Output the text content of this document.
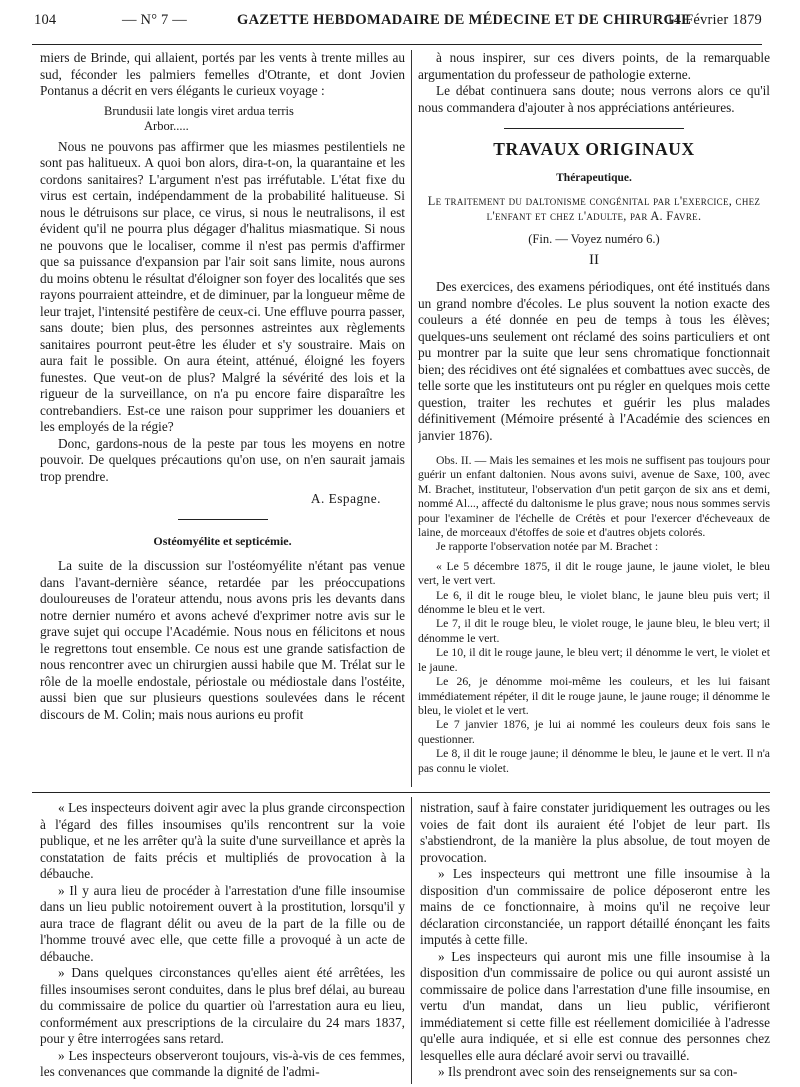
104	— N° 7 —	GAZETTE HEBDOMADAIRE DE MÉDECINE ET DE CHIRURGIE
14 Février 1879

miers de Brinde, qui allaient, portés par les vents à trente milles au sud, féconder les palmiers femelles d'Otrante, et dont Jovien Pontanus a décrit en vers élégants le curieux voyage :

Brundusii late longis viret ardua terris
Arbor.....

Nous ne pouvons pas affirmer que les miasmes pestilentiels ne sont pas halitueux. A quoi bon alors, dira-t-on, la quarantaine et les cordons sanitaires? L'argument n'est pas irréfutable. L'état fixe du virus est certain, indépendamment de la probabilité halitueuse. Si nous le détruisons sur place, ce virus, si nous le neutralisons, il est évident qu'il ne pourra plus dégager d'halitus miasmatique. Si nous ne pouvons que le localiser, comme il n'est pas permis d'affirmer que sa puissance d'expansion par l'air soit sans limite, nous aurons du moins obtenu le résultat d'éloigner son foyer des localités que ses rayons pourraient atteindre, et de diminuer, par la longueur même de leur trajet, l'intensité pestifère de ceux-ci. Une effluve pourra passer, sans doute; bien plus, des personnes astreintes aux règlements sanitaires pourront peut-être les éluder et s'y soustraire. Mais on aura fait le possible. On aura éteint, atténué, éloigné les foyers funestes. Que veut-on de plus? Malgré la sévérité des lois et la rigueur de la surveillance, on n'a pu encore faire disparaître les contrebandiers. Est-ce une raison pour supprimer les douaniers et les employés de la régie?

Donc, gardons-nous de la peste par tous les moyens en notre pouvoir. De quelques précautions qu'on use, on n'en saurait jamais trop prendre.

A. Espagne.
Ostéomyélite et septicémie.

La suite de la discussion sur l'ostéomyélite n'étant pas venue dans l'avant-dernière séance, retardée par les préoccupations douloureuses de l'orateur attendu, nous avons pris les devants dans notre dernier numéro et avons achevé d'exprimer notre avis sur le grave sujet qui occupe l'Académie. Nous nous en félicitons et nous le regrettons tout ensemble. Ce nous est une grande satisfaction de nous rencontrer avec un chirurgien aussi habile que M. Trélat sur le rôle de la moelle endostale, périostale ou médiostale dans l'ostéite, aussi bien que sur plusieurs questions soulevées dans le récent discours de M. Colin; mais nous aurions eu profit

à nous inspirer, sur ces divers points, de la remarquable argumentation du professeur de pathologie externe.

Le débat continuera sans doute; nous verrons alors ce qu'il nous commandera d'ajouter à nos appréciations antérieures.

TRAVAUX ORIGINAUX
Thérapeutique.
Le traitement du daltonisme congénital par l'exercice, chez l'enfant et chez l'adulte, par A. Favre.
(Fin. — Voyez numéro 6.)
II

Des exercices, des examens périodiques, ont été institués dans un grand nombre d'écoles. Le plus souvent la notion exacte des couleurs a été donnée en peu de temps à tous les élèves; quelques-uns seulement ont réclamé des soins particuliers et ont pu montrer par la suite que leur sens chromatique fonctionnait bien; des récidives ont été signalées et combattues avec succès, de telle sorte que les instituteurs ont pu régler en quelques mois cette question, traiter les rechutes et guérir les plus malades définitivement (Mémoire présenté à l'Académie des sciences en janvier 1876).

Obs. II. — Mais les semaines et les mois ne suffisent pas toujours pour guérir un enfant daltonien. Nous avons suivi, avenue de Saxe, 100, avec M. Brachet, instituteur, l'observation d'un petit garçon de six ans et demi, nommé Al..., affecté du daltonisme le plus grave; nous nous sommes servis pour l'examiner de l'échelle de Crétès et pour l'exercer d'écheveaux de laine, de morceaux d'étoffes de soie et d'autres objets colorés.

Je rapporte l'observation notée par M. Brachet :

« Le 5 décembre 1875, il dit le rouge jaune, le jaune violet, le bleu vert, le vert vert.

Le 6, il dit le rouge bleu, le violet blanc, le jaune bleu puis vert; il dénomme le bleu et le vert.

Le 7, il dit le rouge bleu, le violet rouge, le jaune bleu, le bleu vert; il dénomme le vert.

Le 10, il dit le rouge jaune, le bleu vert; il dénomme le vert, le violet et le jaune.

Le 26, je dénomme moi-même les couleurs, et les lui faisant immédiatement répéter, il dit le rouge jaune, le jaune rouge; il dénomme le bleu, le violet et le vert.

Le 7 janvier 1876, je lui ai nommé les couleurs deux fois sans le questionner.

Le 8, il dit le rouge jaune; il dénomme le bleu, le jaune et le vert. Il n'a pas connu le violet.

« Les inspecteurs doivent agir avec la plus grande circonspection à l'égard des filles insoumises qu'ils rencontrent sur la voie publique, et ne les arrêter qu'à la suite d'une surveillance et après la constatation de faits précis et multipliés de provocation à la débauche.

» Il y aura lieu de procéder à l'arrestation d'une fille insoumise dans un lieu public notoirement ouvert à la prostitution, lorsqu'il y aura trace de flagrant délit ou aveu de la part de la fille ou de l'homme trouvé avec elle, que cette fille a provoqué à un acte de débauche.

» Dans quelques circonstances qu'elles aient été arrêtées, les filles insoumises seront conduites, dans le plus bref délai, au bureau du commissaire de police du quartier où l'arrestation aura eu lieu, conformément aux prescriptions de la circulaire du 24 mars 1837, pour y être interrogées sans retard.

» Les inspecteurs observeront toujours, vis-à-vis de ces femmes, les convenances que commande la dignité de l'admi-

nistration, sauf à faire constater juridiquement les outrages ou les voies de fait dont ils auraient été l'objet de leur part. Ils s'abstiendront, de la manière la plus absolue, de tout moyen de provocation.

» Les inspecteurs qui mettront une fille insoumise à la disposition d'un commissaire de police déposeront entre les mains de ce fonctionnaire, à moins qu'il ne reçoive leur déclaration circonstanciée, un rapport détaillé énonçant les faits imputés à cette fille.

» Les inspecteurs qui auront mis une fille insoumise à la disposition d'un commissaire de police ou qui auront assisté un commissaire de police dans l'arrestation d'une fille insoumise, en vertu d'un mandat, dans un lieu public, vérifieront immédiatement si cette fille est réellement domiciliée à l'adresse qu'elle aura indiquée, et si elle est connue des personnes chez lesquelles elle aura déclaré avoir servi ou travaillé.

» Ils prendront avec soin des renseignements sur sa con-
